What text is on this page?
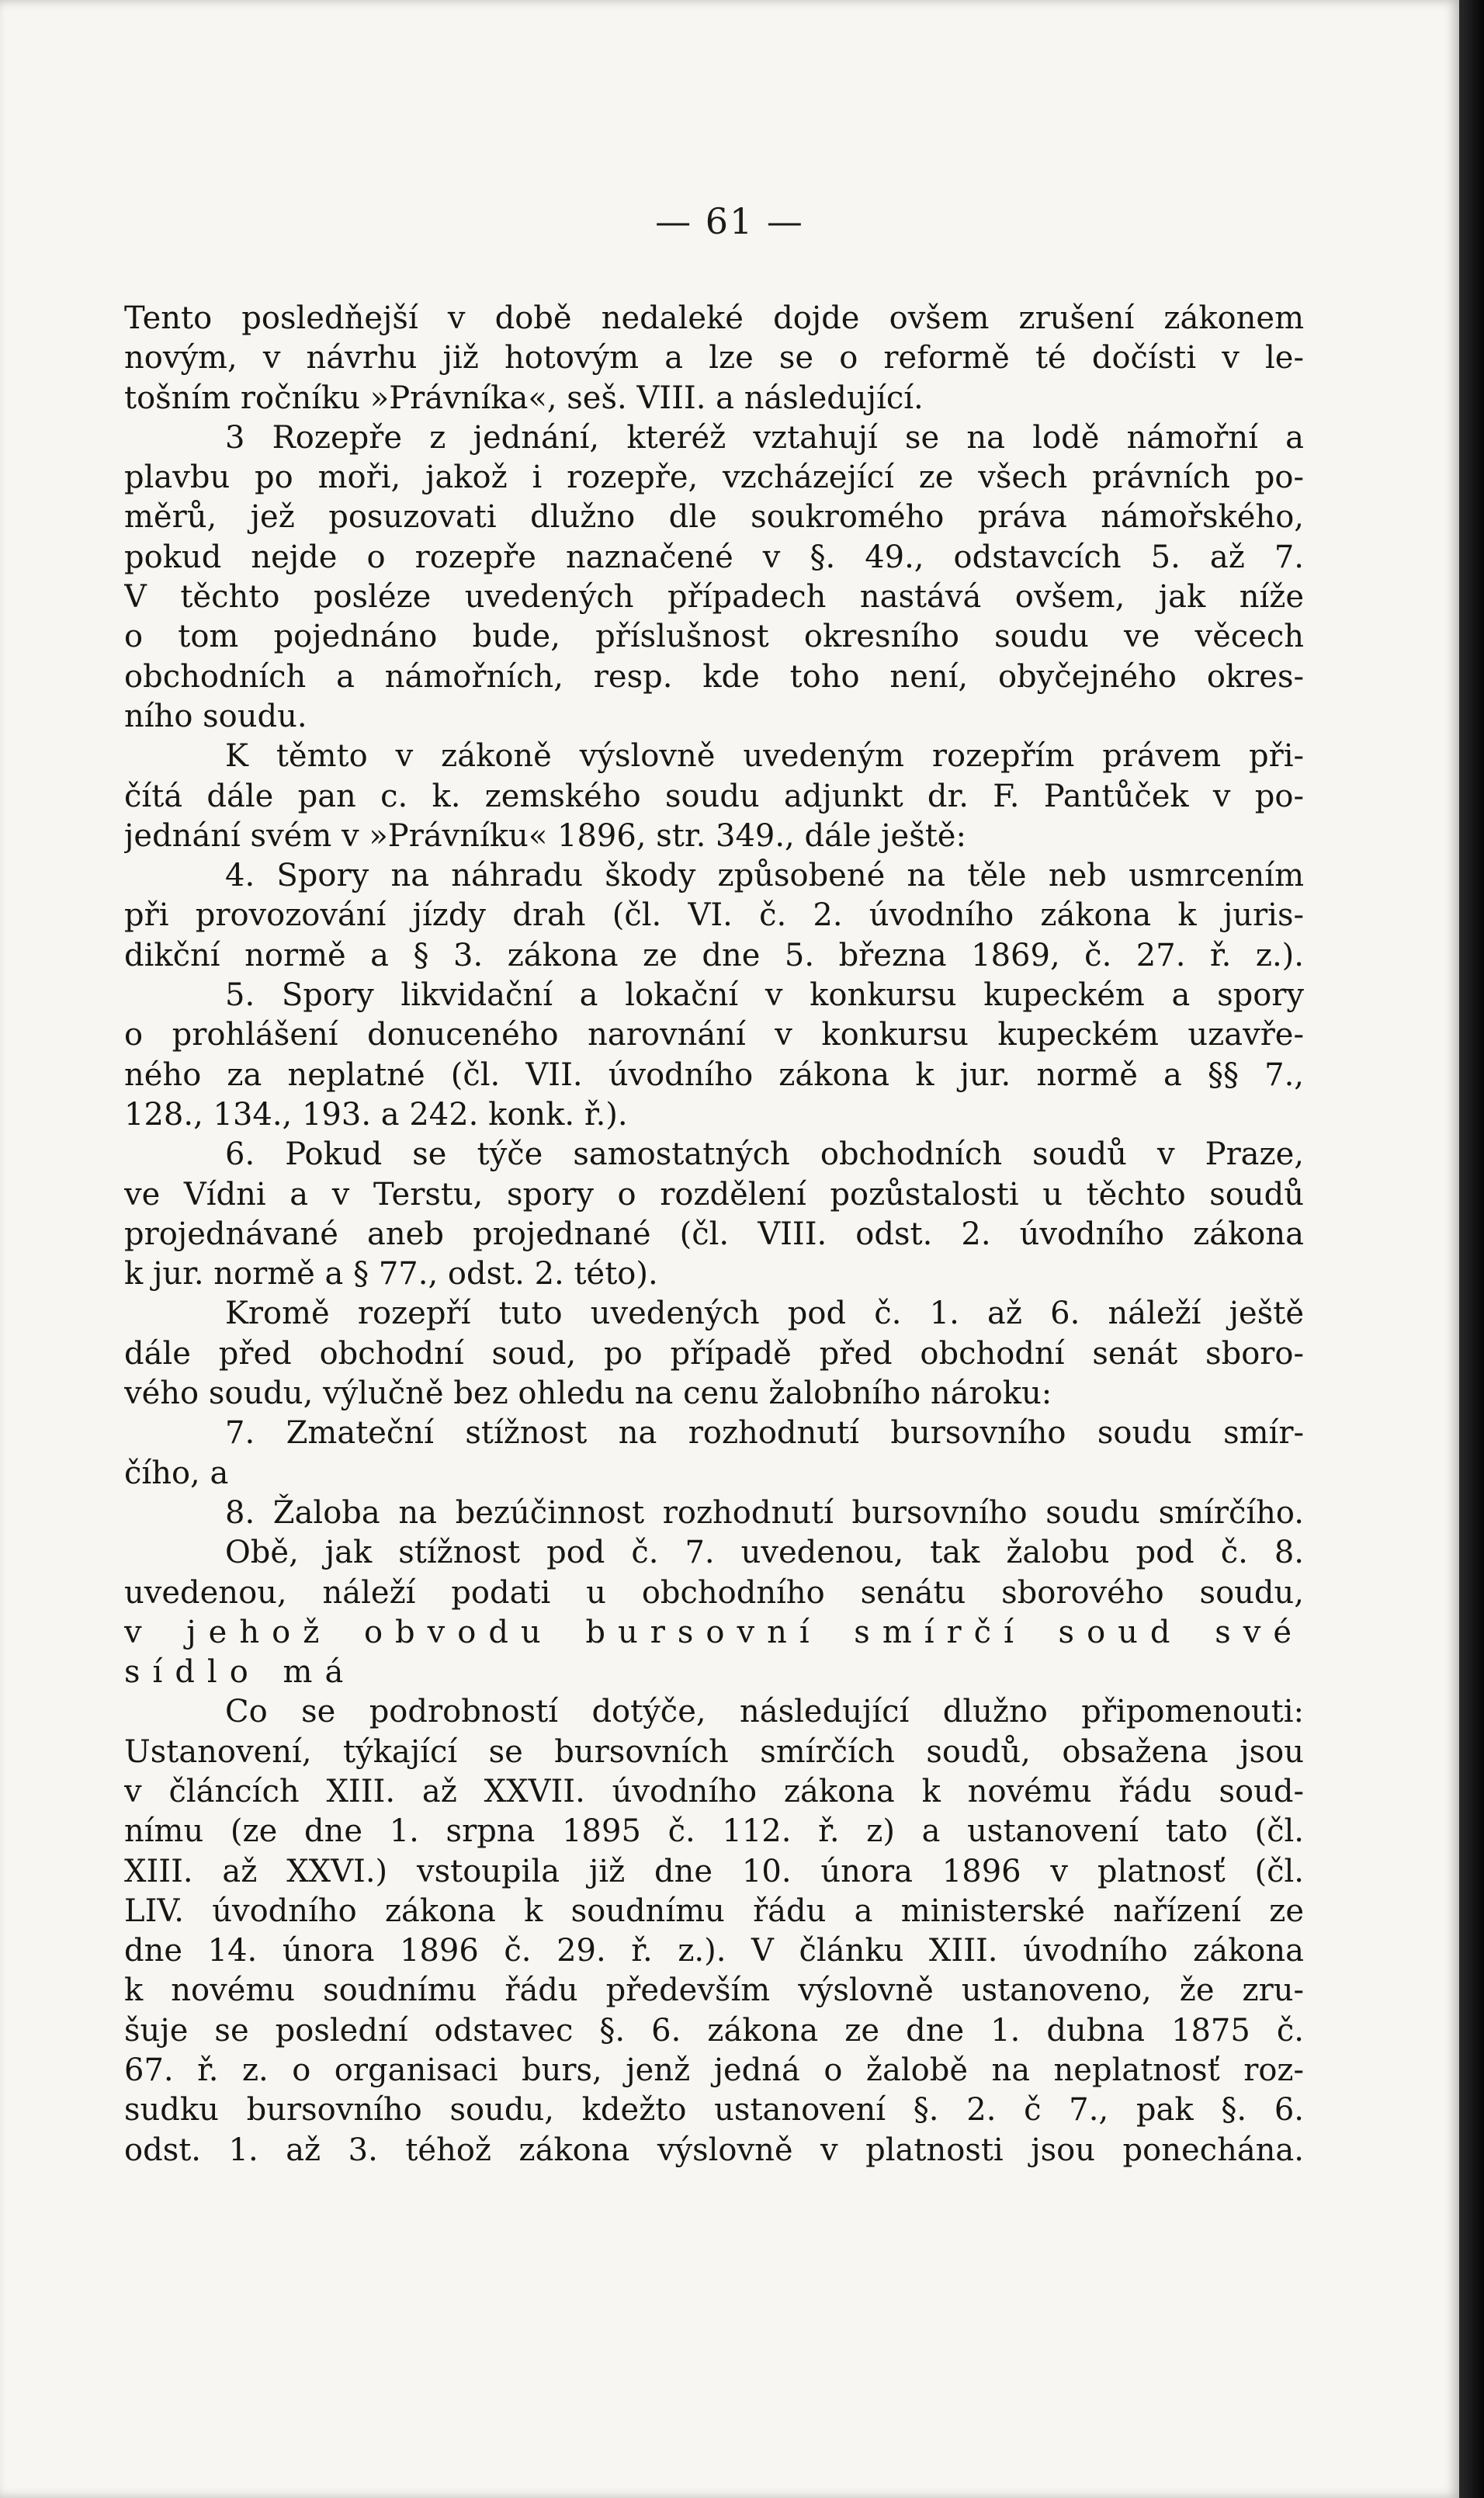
— 61 —
Tento posledňejší v době nedaleké dojde ovšem zrušení zákonem
novým, v návrhu již hotovým a lze se o reformě té dočísti v le-
tošním ročníku »Právníka«, seš. VIII. a následující.
3 Rozepře z jednání, kteréž vztahují se na lodě námořní a
plavbu po moři, jakož i rozepře, vzcházející ze všech právních po-
měrů, jež posuzovati dlužno dle soukromého práva námořského,
pokud nejde o rozepře naznačené v §. 49., odstavcích 5. až 7.
V těchto posléze uvedených případech nastává ovšem, jak níže
o tom pojednáno bude, příslušnost okresního soudu ve věcech
obchodních a námořních, resp. kde toho není, obyčejného okres-
ního soudu.
K těmto v zákoně výslovně uvedeným rozepřím právem při-
čítá dále pan c. k. zemského soudu adjunkt dr. F. Pantůček v po-
jednání svém v »Právníku« 1896, str. 349., dále ještě:
4. Spory na náhradu škody způsobené na těle neb usmrcením
při provozování jízdy drah (čl. VI. č. 2. úvodního zákona k juris-
dikční normě a § 3. zákona ze dne 5. března 1869, č. 27. ř. z.).
5. Spory likvidační a lokační v konkursu kupeckém a spory
o prohlášení donuceného narovnání v konkursu kupeckém uzavře-
ného za neplatné (čl. VII. úvodního zákona k jur. normě a §§ 7.,
128., 134., 193. a 242. konk. ř.).
6. Pokud se týče samostatných obchodních soudů v Praze,
ve Vídni a v Terstu, spory o rozdělení pozůstalosti u těchto soudů
projednávané aneb projednané (čl. VIII. odst. 2. úvodního zákona
k jur. normě a § 77., odst. 2. této).
Kromě rozepří tuto uvedených pod č. 1. až 6. náleží ještě
dále před obchodní soud, po případě před obchodní senát sboro-
vého soudu, výlučně bez ohledu na cenu žalobního nároku:
7. Zmateční stížnost na rozhodnutí bursovního soudu smír-
čího, a
8. Žaloba na bezúčinnost rozhodnutí bursovního soudu smírčího.
Obě, jak stížnost pod č. 7. uvedenou, tak žalobu pod č. 8.
uvedenou, náleží podati u obchodního senátu sborového soudu,
v jehož obvodu bursovní smírčí soud své
sídlo má
Co se podrobností dotýče, následující dlužno připomenouti:
Ustanovení, týkající se bursovních smírčích soudů, obsažena jsou
v článcích XIII. až XXVII. úvodního zákona k novému řádu soud-
nímu (ze dne 1. srpna 1895 č. 112. ř. z) a ustanovení tato (čl.
XIII. až XXVI.) vstoupila již dne 10. února 1896 v platnosť (čl.
LIV. úvodního zákona k soudnímu řádu a ministerské nařízení ze
dne 14. února 1896 č. 29. ř. z.). V článku XIII. úvodního zákona
k novému soudnímu řádu především výslovně ustanoveno, že zru-
šuje se poslední odstavec §. 6. zákona ze dne 1. dubna 1875 č.
67. ř. z. o organisaci burs, jenž jedná o žalobě na neplatnosť roz-
sudku bursovního soudu, kdežto ustanovení §. 2. č 7., pak §. 6.
odst. 1. až 3. téhož zákona výslovně v platnosti jsou ponechána.
